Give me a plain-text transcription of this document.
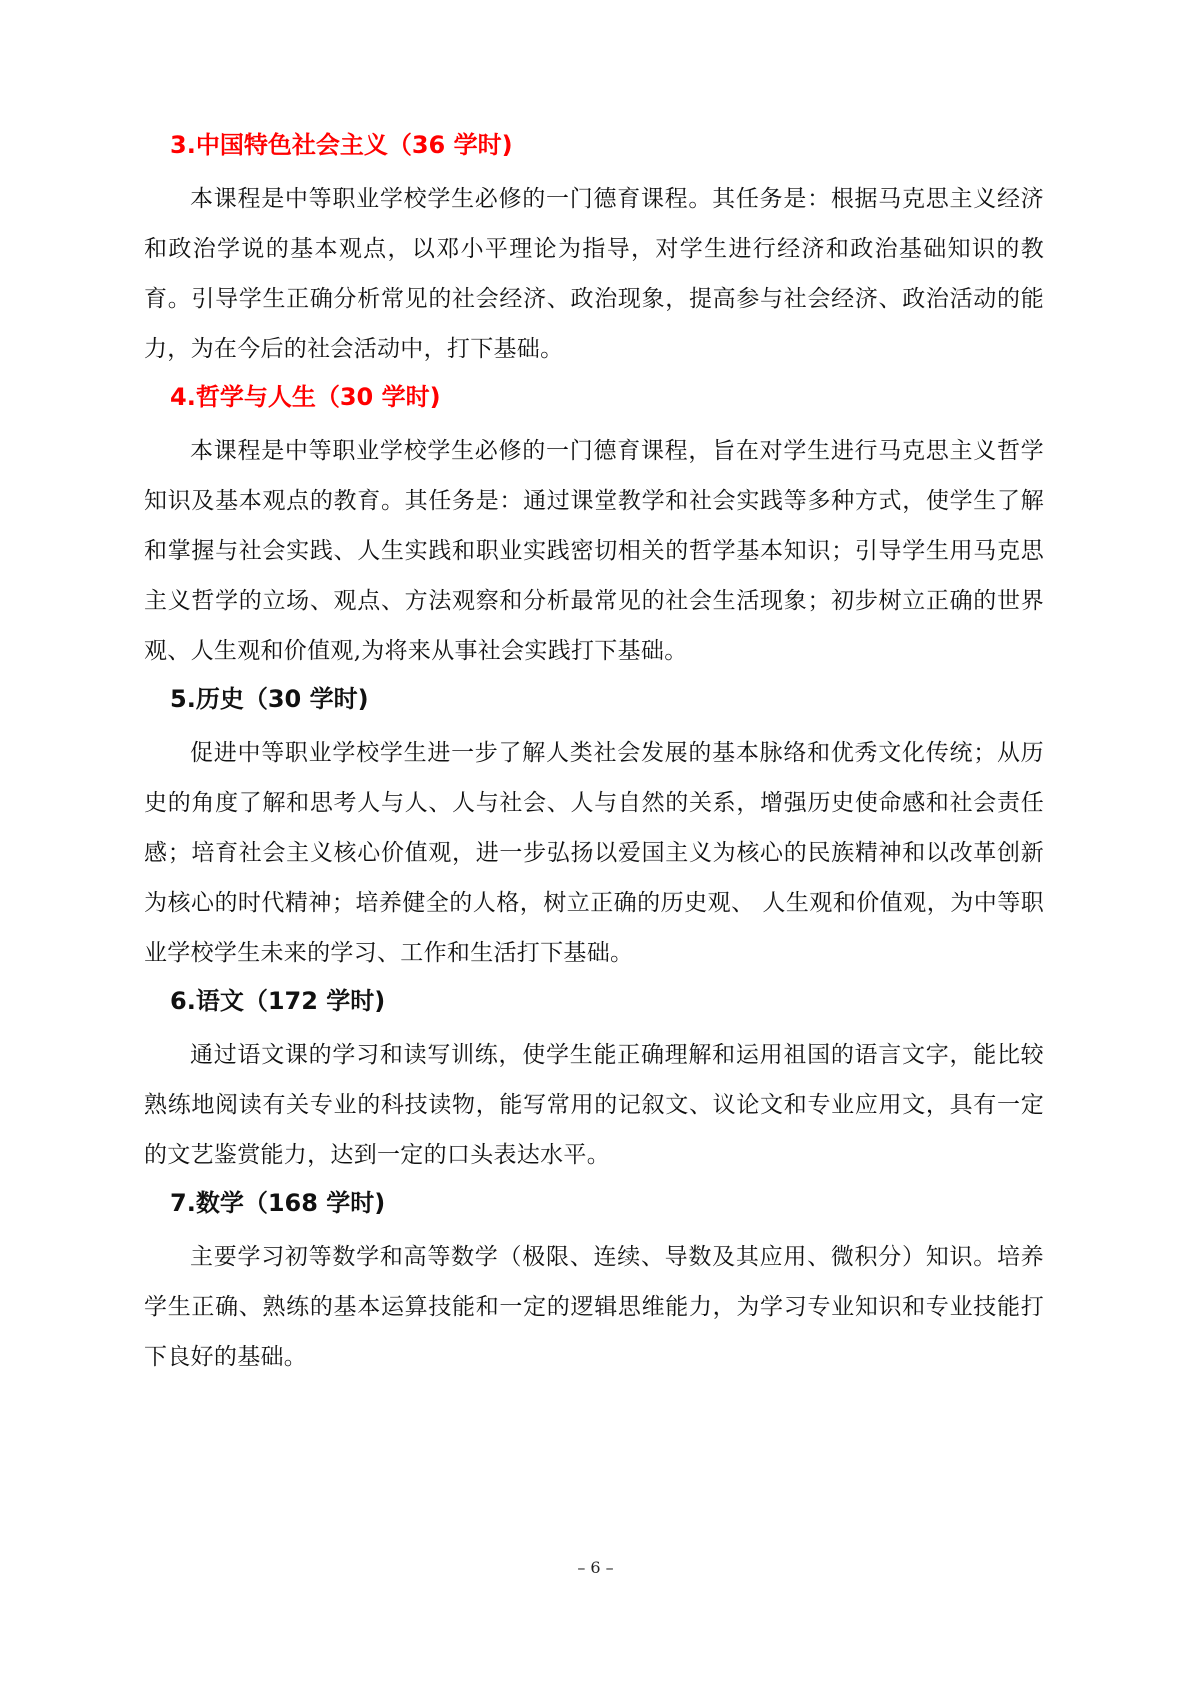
3.中国特色社会主义（36 学时)

本课程是中等职业学校学生必修的一门德育课程。其任务是：根据马克思主义经济和政治学说的基本观点，以邓小平理论为指导，对学生进行经济和政治基础知识的教育。引导学生正确分析常见的社会经济、政治现象，提高参与社会经济、政治活动的能力，为在今后的社会活动中，打下基础。

4.哲学与人生（30 学时)

本课程是中等职业学校学生必修的一门德育课程，旨在对学生进行马克思主义哲学知识及基本观点的教育。其任务是：通过课堂教学和社会实践等多种方式，使学生了解和掌握与社会实践、人生实践和职业实践密切相关的哲学基本知识；引导学生用马克思主义哲学的立场、观点、方法观察和分析最常见的社会生活现象；初步树立正确的世界观、人生观和价值观,为将来从事社会实践打下基础。

5.历史（30 学时)

促进中等职业学校学生进一步了解人类社会发展的基本脉络和优秀文化传统；从历史的角度了解和思考人与人、人与社会、人与自然的关系，增强历史使命感和社会责任感；培育社会主义核心价值观，进一步弘扬以爱国主义为核心的民族精神和以改革创新为核心的时代精神；培养健全的人格，树立正确的历史观、 人生观和价值观，为中等职业学校学生未来的学习、工作和生活打下基础。

6.语文（172 学时)

通过语文课的学习和读写训练，使学生能正确理解和运用祖国的语言文字，能比较熟练地阅读有关专业的科技读物，能写常用的记叙文、议论文和专业应用文，具有一定的文艺鉴赏能力，达到一定的口头表达水平。

7.数学（168 学时)

主要学习初等数学和高等数学（极限、连续、导数及其应用、微积分）知识。培养学生正确、熟练的基本运算技能和一定的逻辑思维能力，为学习专业知识和专业技能打下良好的基础。

– 6 –
